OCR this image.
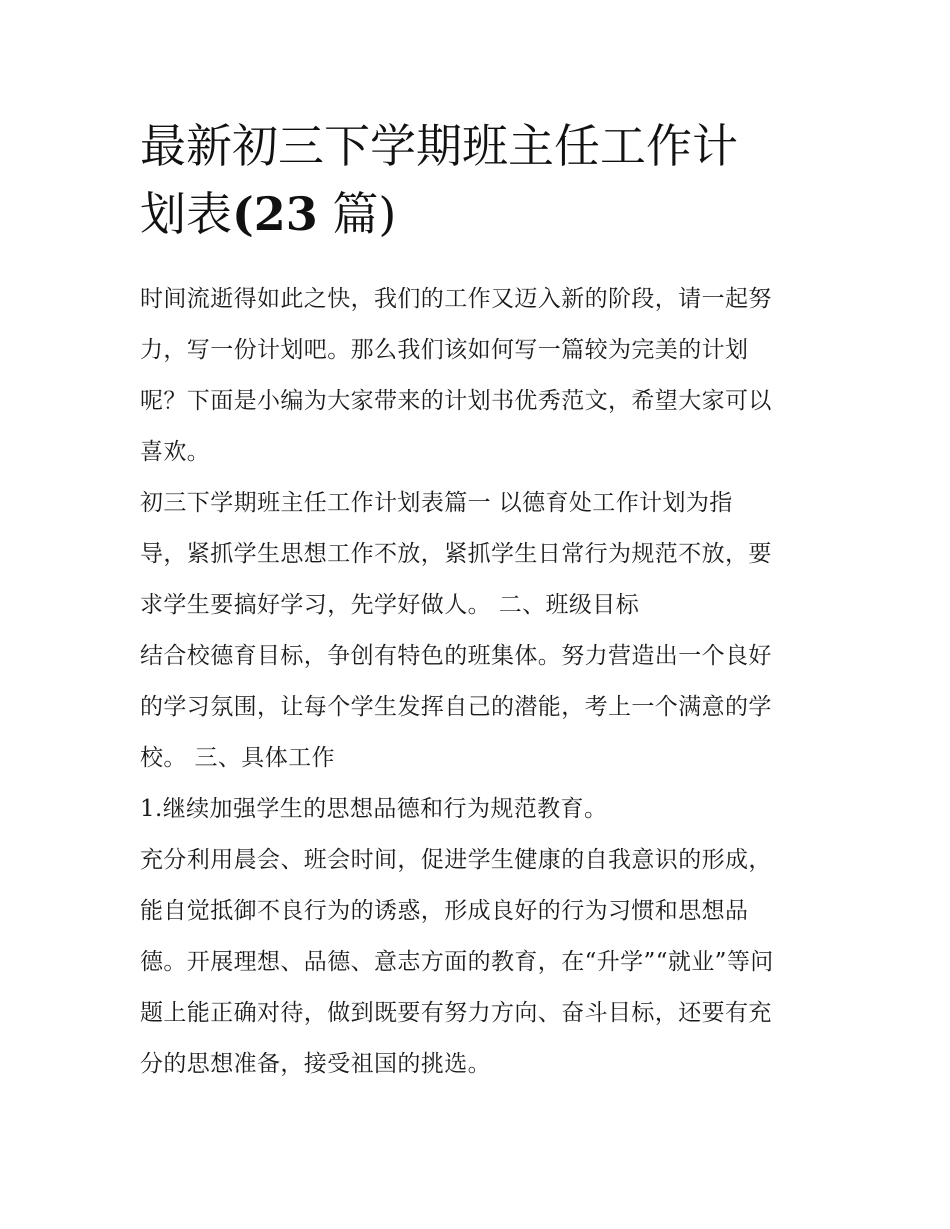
最新初三下学期班主任工作计
划表(23 篇)
时间流逝得如此之快，我们的工作又迈入新的阶段，请一起努
力，写一份计划吧。那么我们该如何写一篇较为完美的计划
呢？下面是小编为大家带来的计划书优秀范文，希望大家可以
喜欢。
初三下学期班主任工作计划表篇一 以德育处工作计划为指
导，紧抓学生思想工作不放，紧抓学生日常行为规范不放，要
求学生要搞好学习，先学好做人。 二、班级目标
结合校德育目标，争创有特色的班集体。努力营造出一个良好
的学习氛围，让每个学生发挥自己的潜能，考上一个满意的学
校。 三、具体工作
1.继续加强学生的思想品德和行为规范教育。
充分利用晨会、班会时间，促进学生健康的自我意识的形成，
能自觉抵御不良行为的诱惑，形成良好的行为习惯和思想品
德。开展理想、品德、意志方面的教育，在“升学”“就业”等问
题上能正确对待，做到既要有努力方向、奋斗目标，还要有充
分的思想准备，接受祖国的挑选。
